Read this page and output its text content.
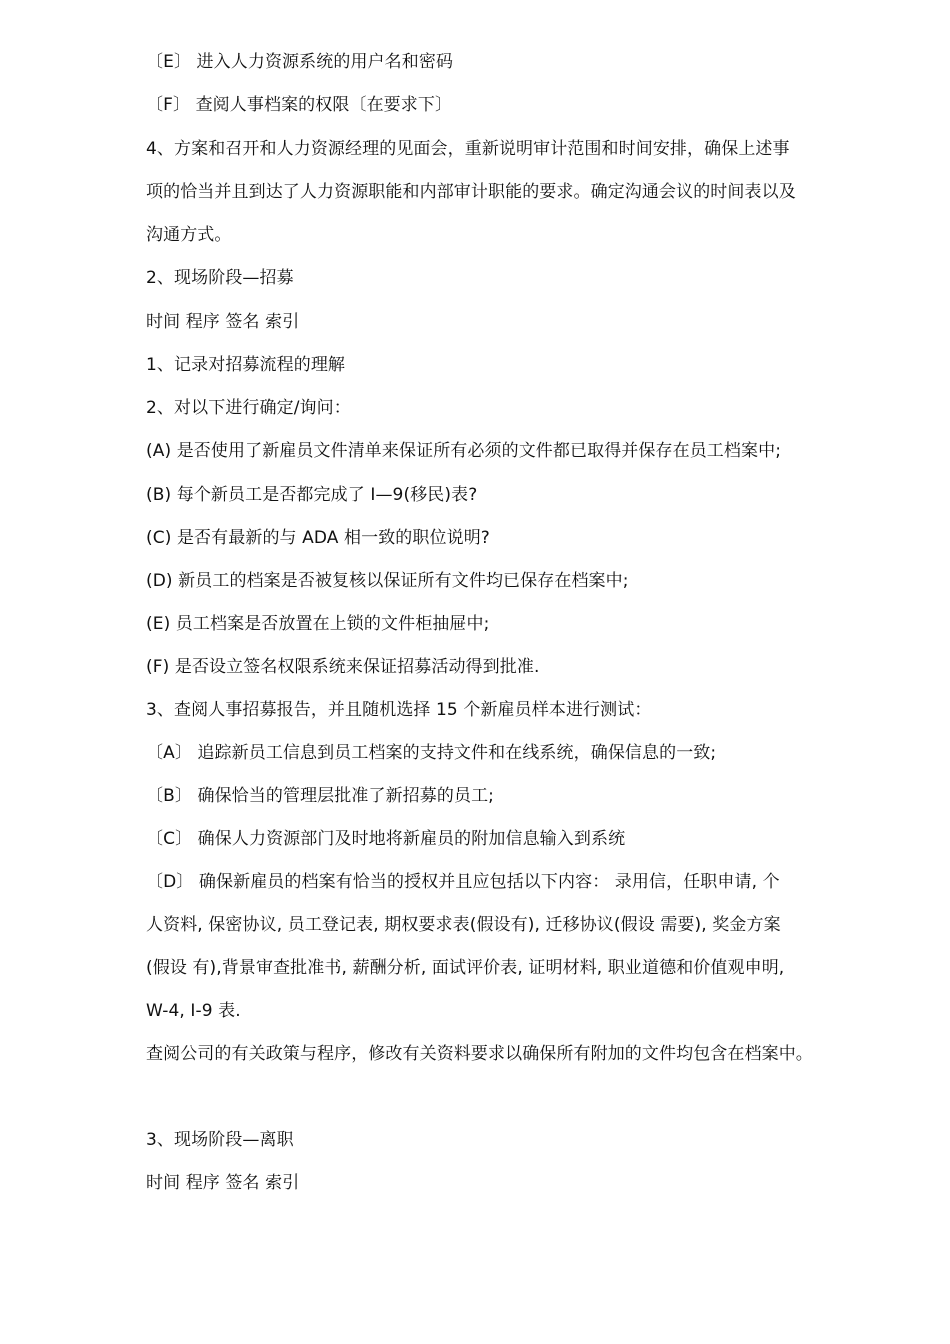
〔E〕 进入人力资源系统的用户名和密码
〔F〕 查阅人事档案的权限〔在要求下〕
4、方案和召开和人力资源经理的见面会，重新说明审计范围和时间安排，确保上述事
项的恰当并且到达了人力资源职能和内部审计职能的要求。确定沟通会议的时间表以及
沟通方式。
2、现场阶段—招募
时间 程序 签名 索引
1、记录对招募流程的理解
2、对以下进行确定/询问：
(A) 是否使用了新雇员文件清单来保证所有必须的文件都已取得并保存在员工档案中;
(B) 每个新员工是否都完成了 I—9(移民)表?
(C) 是否有最新的与 ADA 相一致的职位说明?
(D) 新员工的档案是否被复核以保证所有文件均已保存在档案中;
(E) 员工档案是否放置在上锁的文件柜抽屉中;
(F) 是否设立签名权限系统来保证招募活动得到批准.
3、查阅人事招募报告，并且随机选择 15 个新雇员样本进行测试：
〔A〕 追踪新员工信息到员工档案的支持文件和在线系统，确保信息的一致;
〔B〕 确保恰当的管理层批准了新招募的员工;
〔C〕 确保人力资源部门及时地将新雇员的附加信息输入到系统
〔D〕 确保新雇员的档案有恰当的授权并且应包括以下内容： 录用信，任职申请, 个
人资料, 保密协议, 员工登记表, 期权要求表(假设有), 迁移协议(假设 需要), 奖金方案
(假设 有),背景审查批准书, 薪酬分析, 面试评价表, 证明材料, 职业道德和价值观申明,
W-4, I-9 表.
查阅公司的有关政策与程序，修改有关资料要求以确保所有附加的文件均包含在档案中。
3、现场阶段—离职
时间 程序 签名 索引
